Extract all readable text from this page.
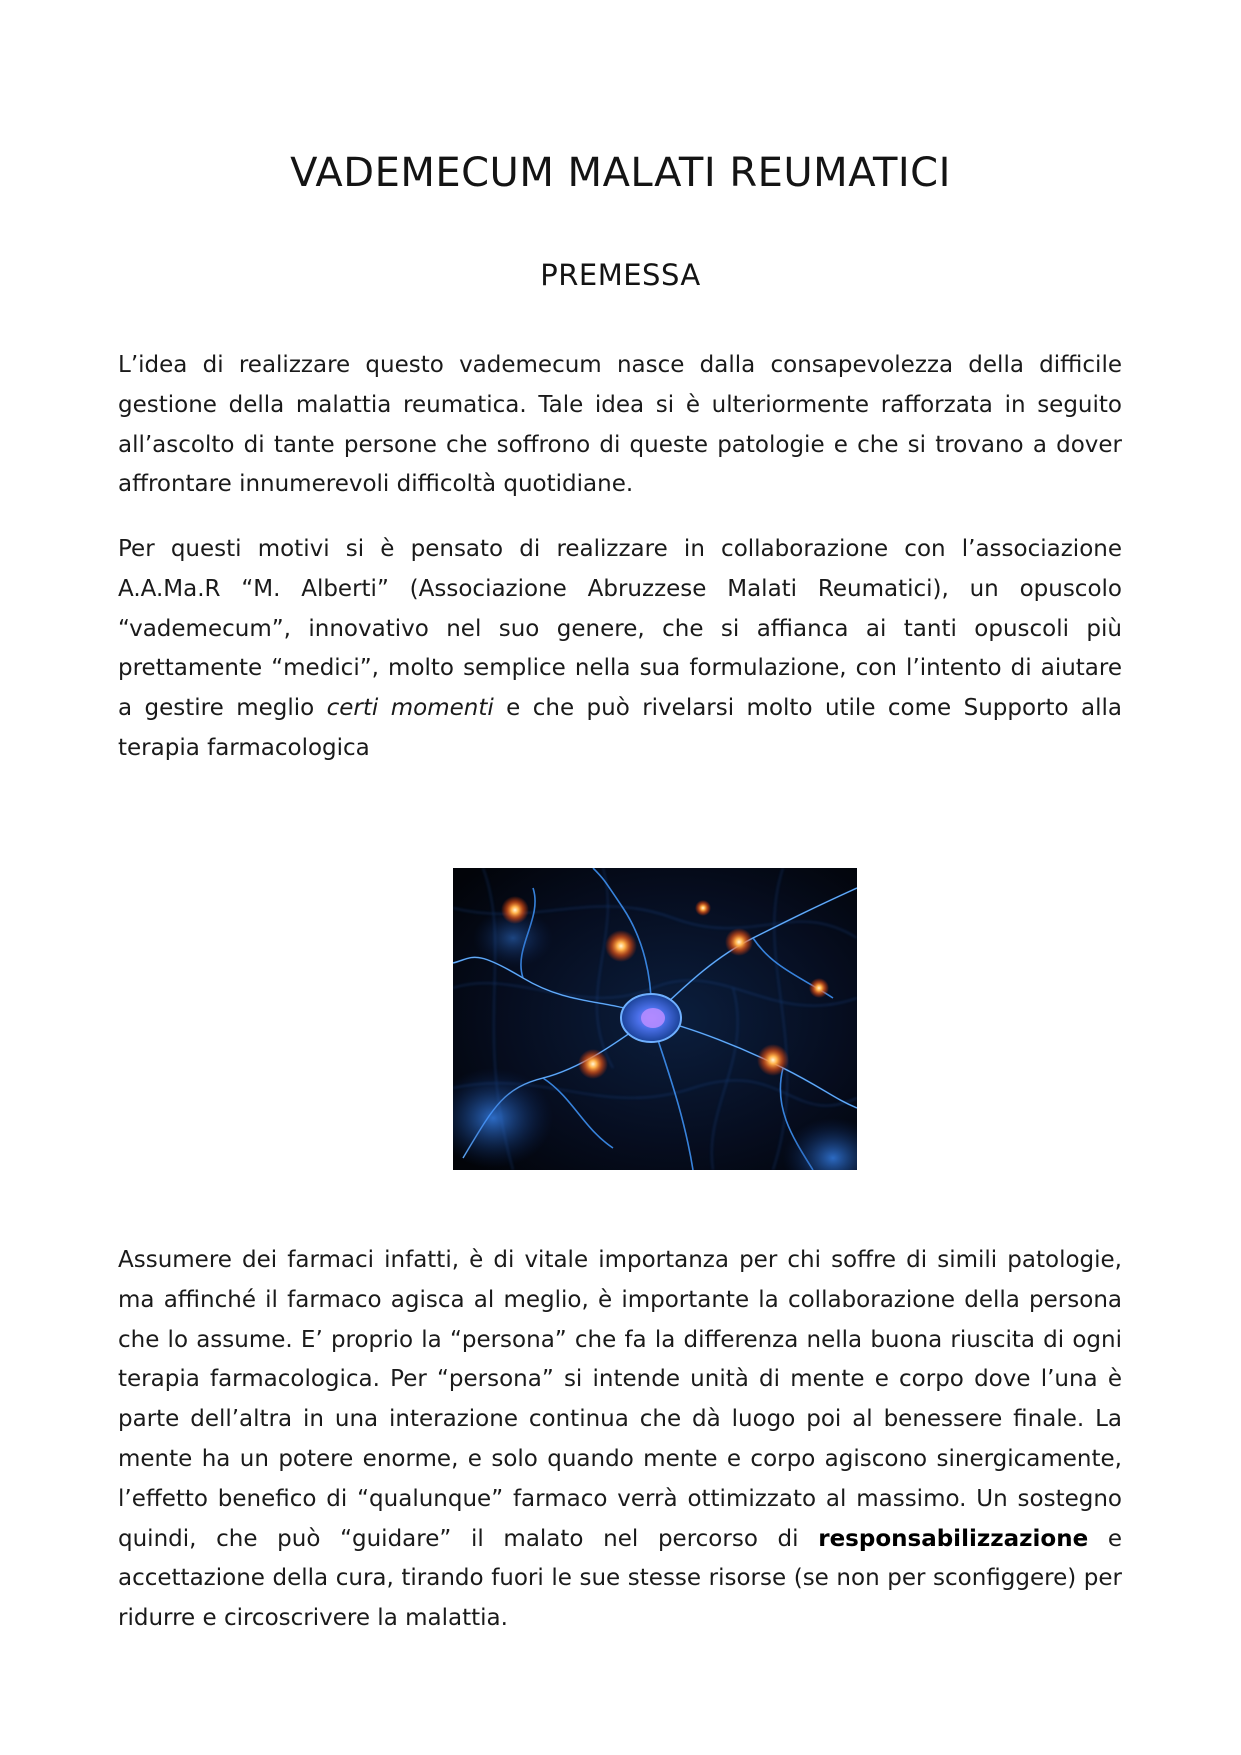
VADEMECUM MALATI REUMATICI
PREMESSA

L’idea di realizzare questo vademecum nasce dalla consapevolezza della difficile gestione della malattia reumatica. Tale idea si è ulteriormente rafforzata in seguito all’ascolto di tante persone che soffrono di queste patologie e che si trovano a dover affrontare innumerevoli difficoltà quotidiane.

Per questi motivi si è pensato di realizzare in collaborazione con l’associazione A.A.Ma.R “M. Alberti” (Associazione Abruzzese Malati Reumatici), un opuscolo “vademecum”, innovativo nel suo genere, che si affianca ai tanti opuscoli più prettamente “medici”, molto semplice nella sua formulazione, con l’intento di aiutare a gestire meglio certi momenti e che può rivelarsi molto utile come Supporto alla terapia farmacologica

Assumere dei farmaci infatti, è di vitale importanza per chi soffre di simili patologie, ma affinché il farmaco agisca al meglio, è importante la collaborazione della persona che lo assume. E’ proprio la “persona” che fa la differenza nella buona riuscita di ogni terapia farmacologica. Per “persona” si intende unità di mente e corpo dove l’una è parte dell’altra in una interazione continua che dà luogo poi al benessere finale. La mente ha un potere enorme, e solo quando mente e corpo agiscono sinergicamente, l’effetto benefico di “qualunque” farmaco verrà ottimizzato al massimo. Un sostegno quindi, che può “guidare” il malato nel percorso di responsabilizzazione e accettazione della cura, tirando fuori le sue stesse risorse (se non per sconfiggere) per ridurre e circoscrivere la malattia.
